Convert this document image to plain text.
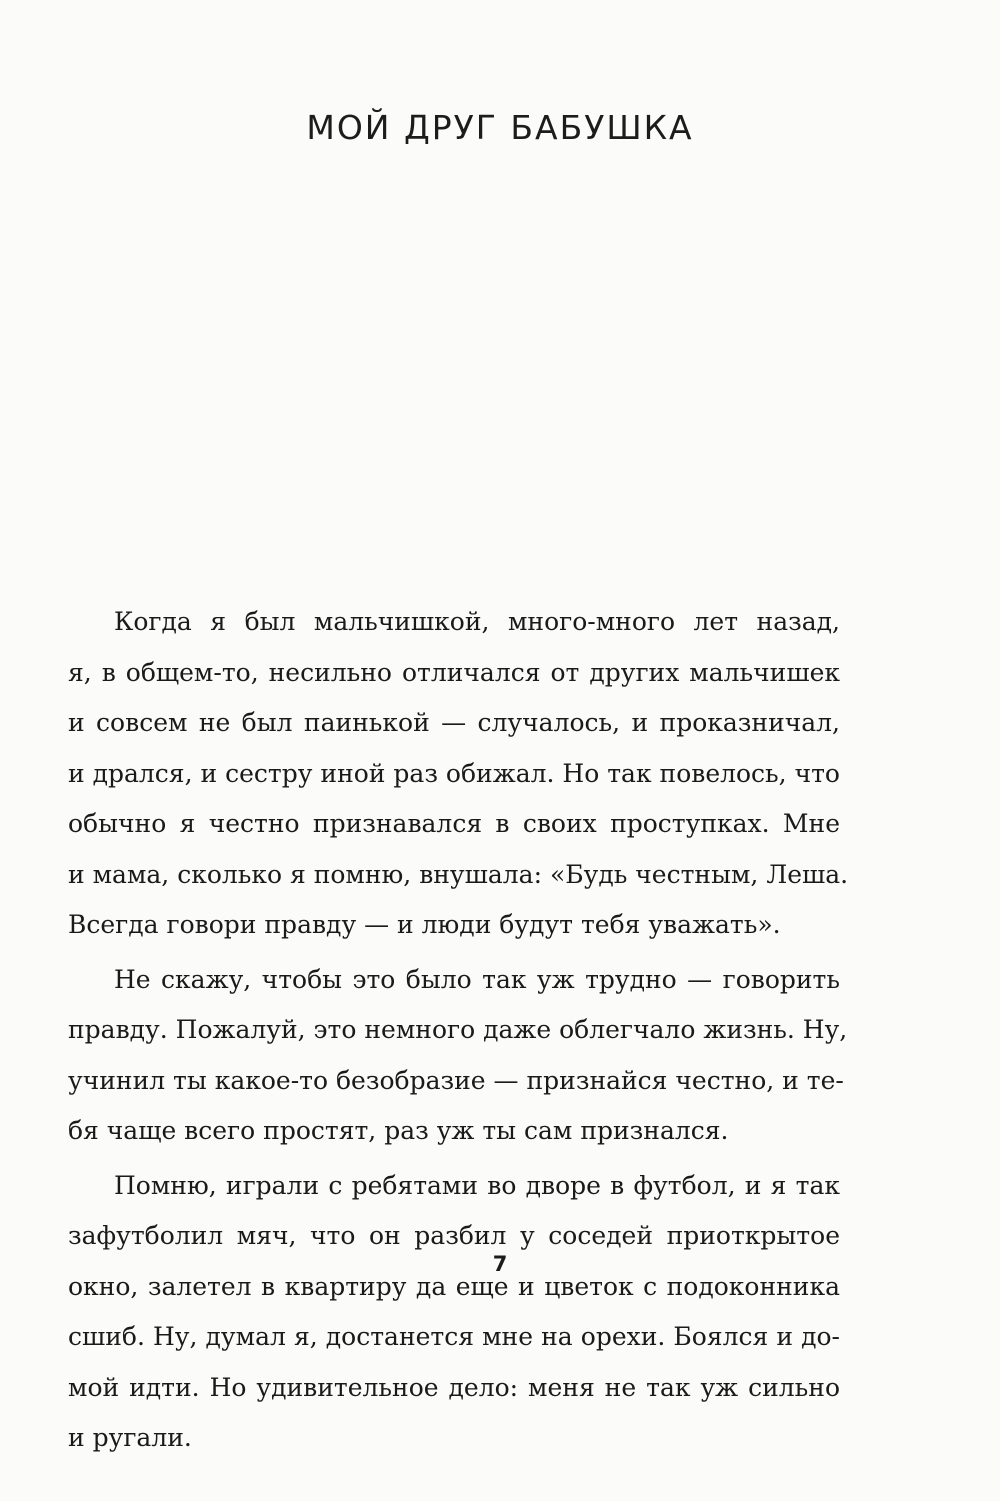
МОЙ ДРУГ БАБУШКА

Когда я был мальчишкой, много-много лет назад,
я, в общем-то, несильно отличался от других мальчишек
и совсем не был паинькой — случалось, и проказничал,
и дрался, и сестру иной раз обижал. Но так повелось, что
обычно я честно признавался в своих проступках. Мне
и мама, сколько я помню, внушала: «Будь честным, Леша.
Всегда говори правду — и люди будут тебя уважать».

Не скажу, чтобы это было так уж трудно — говорить
правду. Пожалуй, это немного даже облегчало жизнь. Ну,
учинил ты какое-то безобразие — признайся честно, и те-
бя чаще всего простят, раз уж ты сам признался.

Помню, играли с ребятами во дворе в футбол, и я так
зафутболил мяч, что он разбил у соседей приоткрытое
окно, залетел в квартиру да еще и цветок с подоконника
сшиб. Ну, думал я, достанется мне на орехи. Боялся и до-
мой идти. Но удивительное дело: меня не так уж сильно
и ругали.

7
